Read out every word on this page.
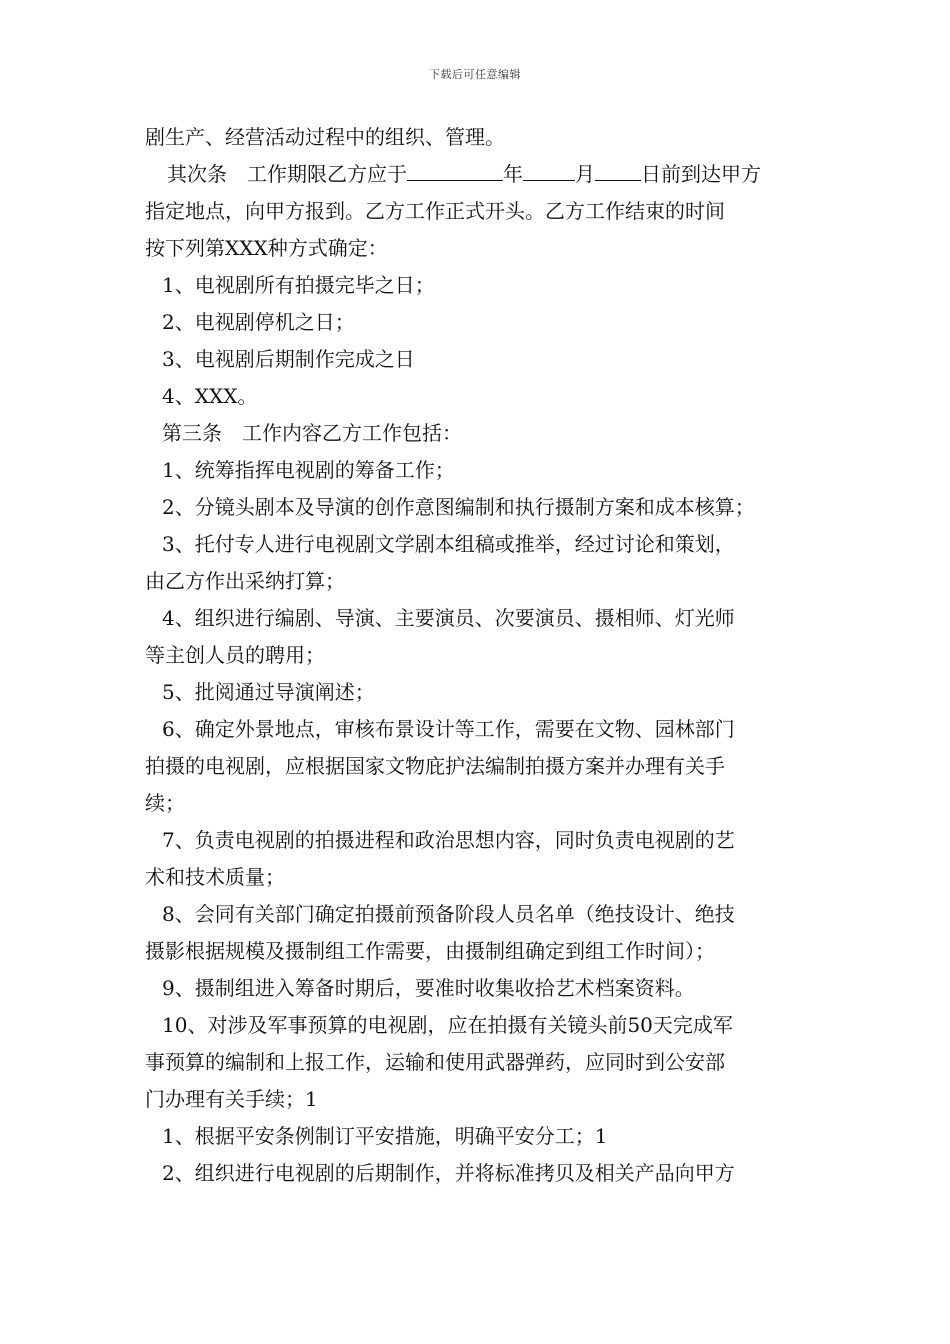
下载后可任意编辑
剧生产、经营活动过程中的组织、管理。
其次条　工作期限乙方应于	年	月 日前到达甲方
指定地点，向甲方报到。乙方工作正式开头。乙方工作结束的时间
按下列第XXX种方式确定：
1、电视剧所有拍摄完毕之日；
2、电视剧停机之日；
3、电视剧后期制作完成之日
4、XXX。
第三条　工作内容乙方工作包括：
1、统筹指挥电视剧的筹备工作；
2、分镜头剧本及导演的创作意图编制和执行摄制方案和成本核算；
3、托付专人进行电视剧文学剧本组稿或推举，经过讨论和策划，
由乙方作出采纳打算；
4、组织进行编剧、导演、主要演员、次要演员、摄相师、灯光师
等主创人员的聘用；
5、批阅通过导演阐述；
6、确定外景地点，审核布景设计等工作，需要在文物、园林部门
拍摄的电视剧，应根据国家文物庇护法编制拍摄方案并办理有关手
续；
7、负责电视剧的拍摄进程和政治思想内容，同时负责电视剧的艺
术和技术质量；
8、会同有关部门确定拍摄前预备阶段人员名单（绝技设计、绝技
摄影根据规模及摄制组工作需要，由摄制组确定到组工作时间）；
9、摄制组进入筹备时期后，要准时收集收拾艺术档案资料。
10、对涉及军事预算的电视剧，应在拍摄有关镜头前50天完成军
事预算的编制和上报工作，运输和使用武器弹药，应同时到公安部
门办理有关手续；1
1、根据平安条例制订平安措施，明确平安分工；1
2、组织进行电视剧的后期制作，并将标准拷贝及相关产品向甲方
